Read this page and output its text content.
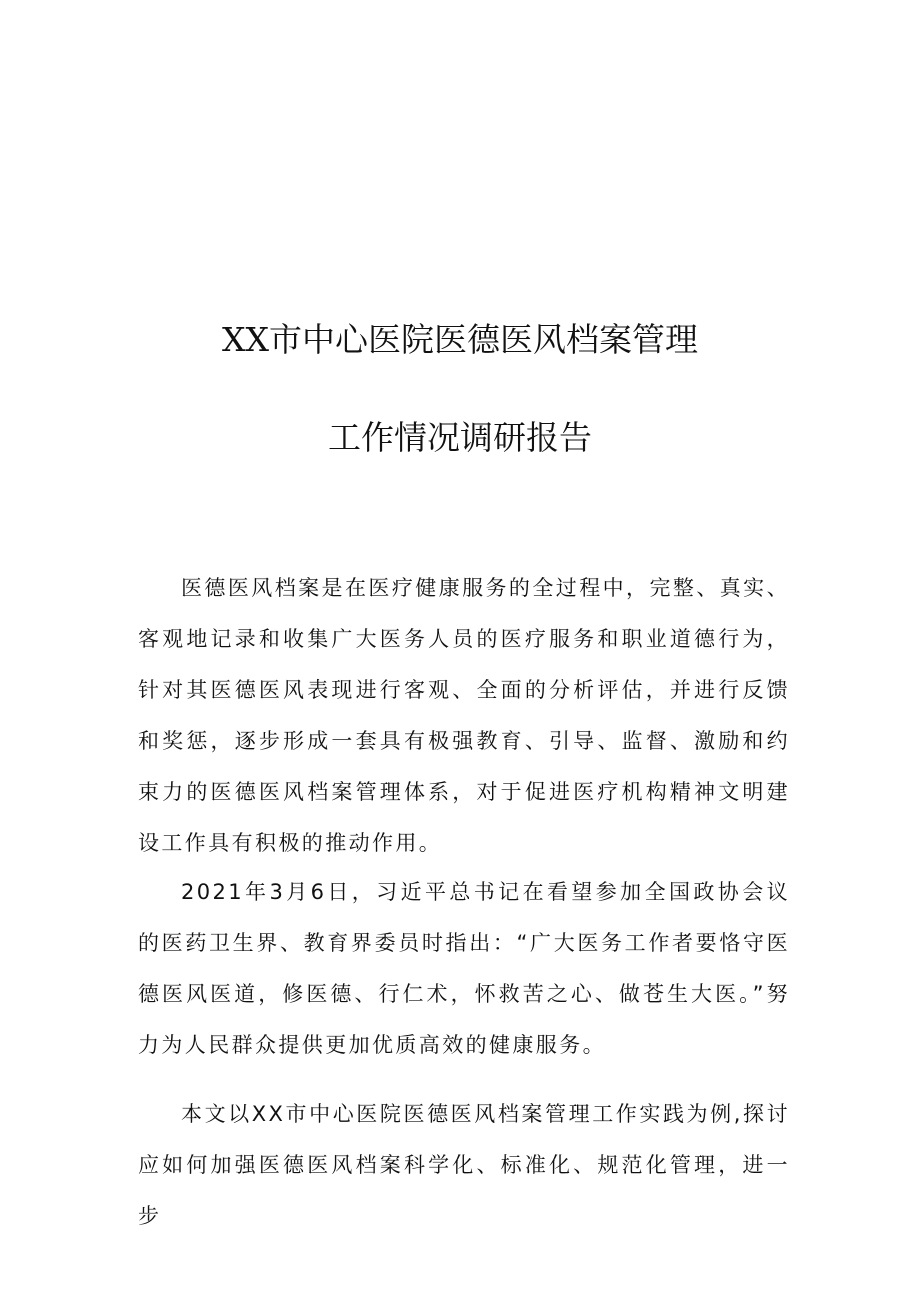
XX市中心医院医德医风档案管理
工作情况调研报告

医德医风档案是在医疗健康服务的全过程中，完整、真实、客观地记录和收集广大医务人员的医疗服务和职业道德行为，针对其医德医风表现进行客观、全面的分析评估，并进行反馈和奖惩，逐步形成一套具有极强教育、引导、监督、激励和约束力的医德医风档案管理体系，对于促进医疗机构精神文明建设工作具有积极的推动作用。

2021年3月6日，习近平总书记在看望参加全国政协会议的医药卫生界、教育界委员时指出：“广大医务工作者要恪守医德医风医道，修医德、行仁术，怀救苦之心、做苍生大医。”努力为人民群众提供更加优质高效的健康服务。

本文以XX市中心医院医德医风档案管理工作实践为例,探讨应如何加强医德医风档案科学化、标准化、规范化管理，进一步
